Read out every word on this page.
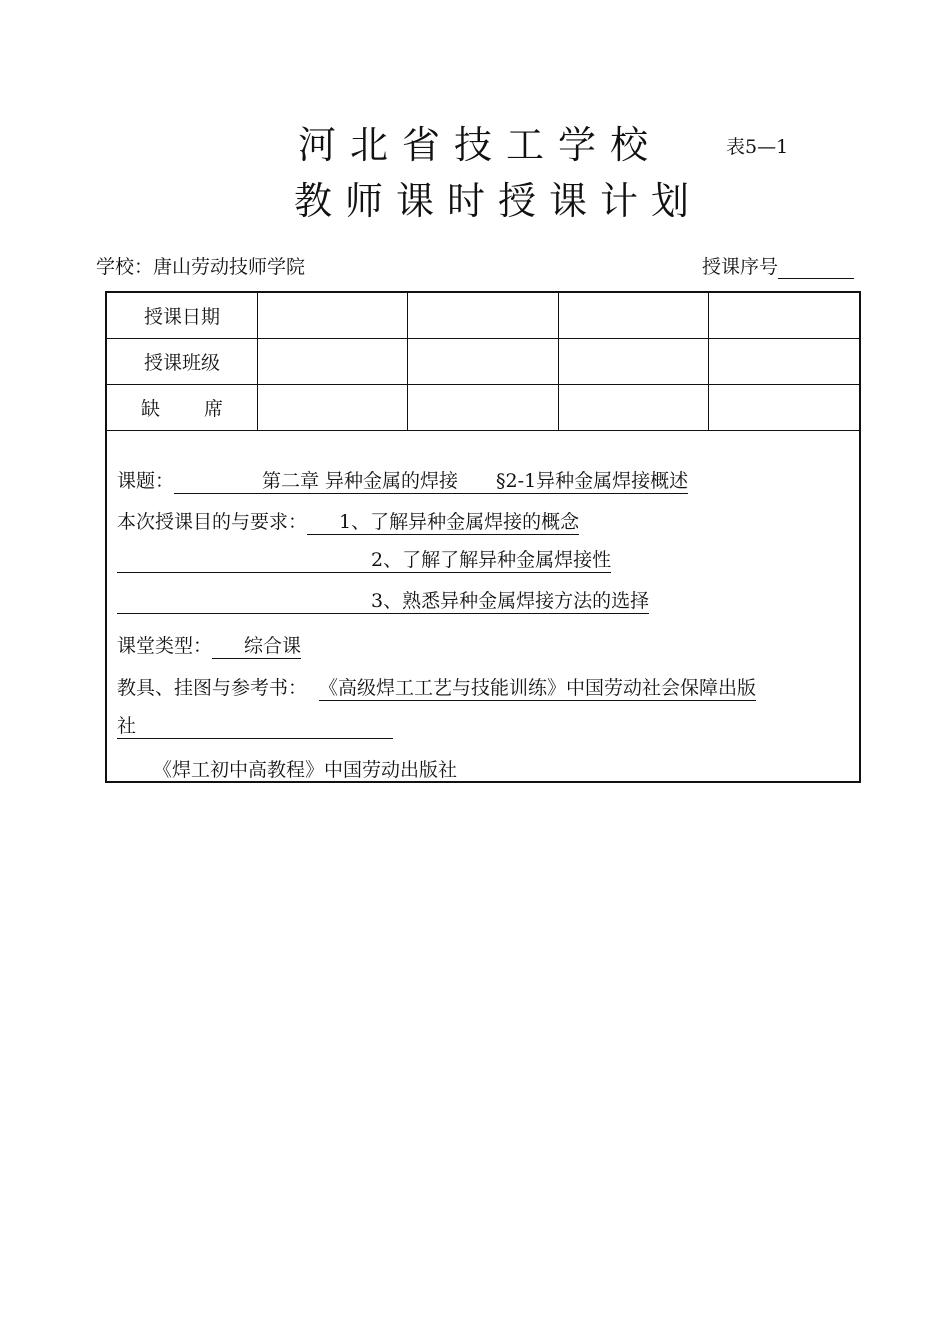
河北省技工学校	表5—1
教师课时授课计划
学校：唐山劳动技师学院	授课序号
授课日期				
授课班级				
缺 席				
课题：	第二章 异种金属的焊接　　§2-1异种金属焊接概述
本次授课目的与要求： 1、了解异种金属焊接的概念
2、了解了解异种金属焊接性
3、熟悉异种金属焊接方法的选择
课堂类型： 综合课
教具、挂图与参考书： 《高级焊工工艺与技能训练》中国劳动社会保障出版
社
《焊工初中高教程》中国劳动出版社
